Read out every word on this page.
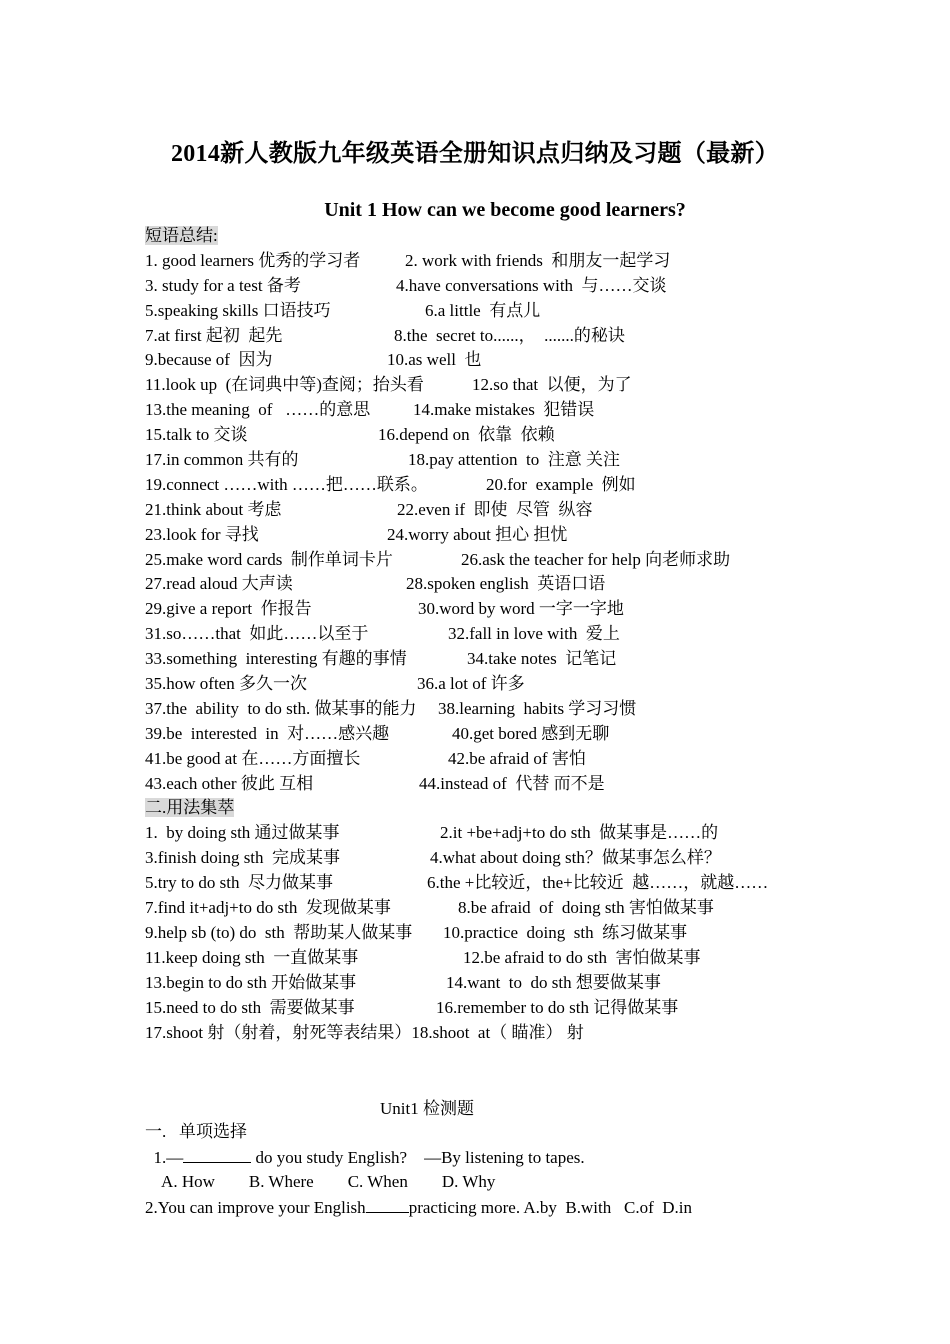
2014新人教版九年级英语全册知识点归纳及习题（最新）
Unit 1 How can we become good learners?
短语总结:
1. good learners 优秀的学习者	2. work with friends  和朋友一起学习
3. study for a test 备考	4.have conversations with  与……交谈
5.speaking skills 口语技巧	6.a little  有点儿
7.at first 起初  起先	8.the  secret to......，  .......的秘诀
9.because of  因为	10.as well  也
11.look up  (在词典中等)查阅；抬头看	12.so that  以便，为了
13.the meaning  of   ……的意思	14.make mistakes  犯错误
15.talk to 交谈	16.depend on  依靠  依赖
17.in common 共有的	18.pay attention  to  注意 关注
19.connect ……with ……把……联系。	20.for  example  例如
21.think about 考虑	22.even if  即使  尽管  纵容
23.look for 寻找	24.worry about 担心 担忧
25.make word cards  制作单词卡片	26.ask the teacher for help 向老师求助
27.read aloud 大声读	28.spoken english  英语口语
29.give a report  作报告	30.word by word 一字一字地
31.so……that  如此……以至于	32.fall in love with  爱上
33.something  interesting 有趣的事情	34.take notes  记笔记
35.how often 多久一次	36.a lot of 许多
37.the  ability  to do sth. 做某事的能力 38.learning  habits 学习习惯
39.be  interested  in  对……感兴趣	40.get bored 感到无聊
41.be good at 在……方面擅长	42.be afraid of 害怕
43.each other 彼此 互相	44.instead of  代替 而不是
二.用法集萃
1.  by doing sth 通过做某事	2.it +be+adj+to do sth  做某事是……的
3.finish doing sth  完成某事	4.what about doing sth？做某事怎么样？
5.try to do sth  尽力做某事	6.the +比较近，the+比较近  越……，就越……
7.find it+adj+to do sth  发现做某事	8.be afraid  of  doing sth 害怕做某事
9.help sb (to) do  sth  帮助某人做某事 10.practice  doing  sth  练习做某事
11.keep doing sth  一直做某事	12.be afraid to do sth  害怕做某事
13.begin to do sth 开始做某事	14.want  to  do sth 想要做某事
15.need to do sth  需要做某事	16.remember to do sth 记得做某事
17.shoot 射（射着，射死等表结果） 18.shoot  at（ 瞄准） 射
Unit1 检测题
一.   单项选择
1.—	do you study English?    —By listening to tapes.
A. How        B. Where        C. When        D. Why
2.You can improve your English	practicing more. A.by  B.with   C.of  D.in
